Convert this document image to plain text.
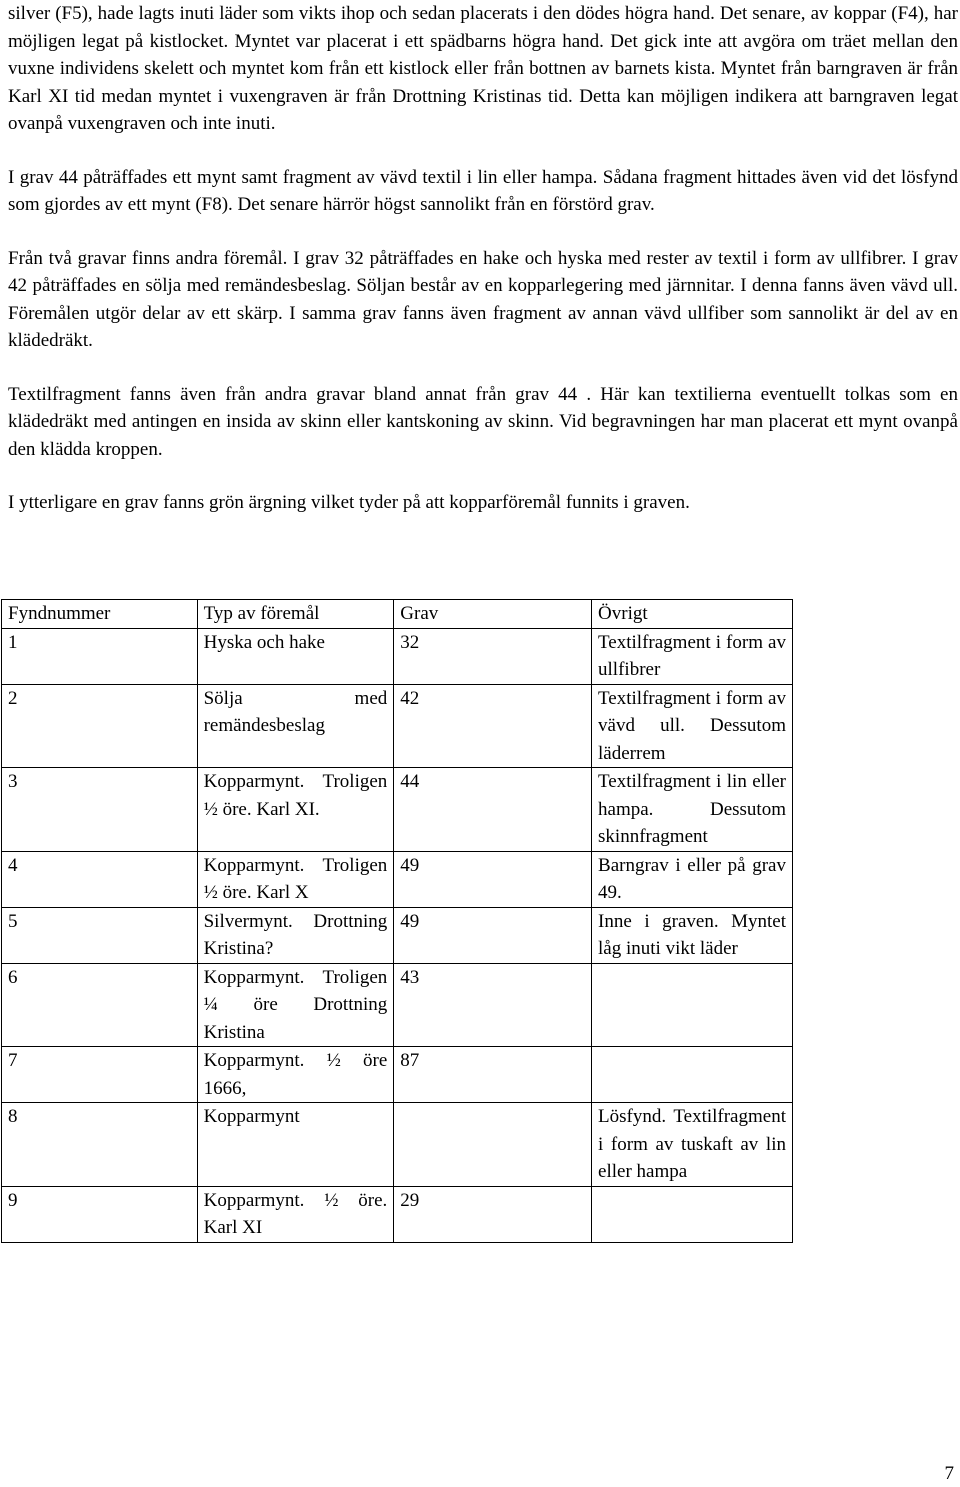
silver (F5), hade lagts inuti läder som vikts ihop och sedan placerats i den dödes högra hand. Det senare, av koppar (F4), har möjligen legat på kistlocket. Myntet var placerat i ett spädbarns högra hand. Det gick inte att avgöra om träet mellan den vuxne individens skelett och myntet kom från ett kistlock eller från bottnen av barnets kista. Myntet från barngraven är från Karl XI tid medan myntet i vuxengraven är från Drottning Kristinas tid. Detta kan möjligen indikera att barngraven legat ovanpå vuxengraven och inte inuti.

I grav 44 påträffades ett mynt samt fragment av vävd textil i lin eller hampa. Sådana fragment hittades även vid det lösfynd som gjordes av ett mynt (F8). Det senare härrör högst sannolikt från en förstörd grav.

Från två gravar finns andra föremål. I grav 32 påträffades en hake och hyska med rester av textil i form av ullfibrer. I grav 42 påträffades en sölja med remändesbeslag. Söljan består av en kopparlegering med järnnitar. I denna fanns även vävd ull. Föremålen utgör delar av ett skärp. I samma grav fanns även fragment av annan vävd ullfiber som sannolikt är del av en klädedräkt.

Textilfragment fanns även från andra gravar bland annat från grav 44 . Här kan textilierna eventuellt tolkas som en klädedräkt med antingen en insida av skinn eller kantskoning av skinn. Vid begravningen har man placerat ett mynt ovanpå den klädda kroppen.

I ytterligare en grav fanns grön ärgning vilket tyder på att kopparföremål funnits i graven.

Fyndnummer	Typ av föremål	Grav	Övrigt
1	Hyska och hake	32	Textilfragment i form av ullfibrer
2	Sölja med remändesbeslag	42	Textilfragment i form av vävd ull. Dessutom läderrem
3	Kopparmynt. Troligen ½ öre. Karl XI.	44	Textilfragment i lin eller hampa. Dessutom skinnfragment
4	Kopparmynt. Troligen ½ öre. Karl X	49	Barngrav i eller på grav 49.
5	Silvermynt. Drottning Kristina?	49	Inne i graven. Myntet låg inuti vikt läder
6	Kopparmynt. Troligen ¼ öre Drottning Kristina	43	
7	Kopparmynt. ½ öre 1666,	87	
8	Kopparmynt		Lösfynd. Textilfragment i form av tuskaft av lin eller hampa
9	Kopparmynt. ½ öre. Karl XI	29	
7
